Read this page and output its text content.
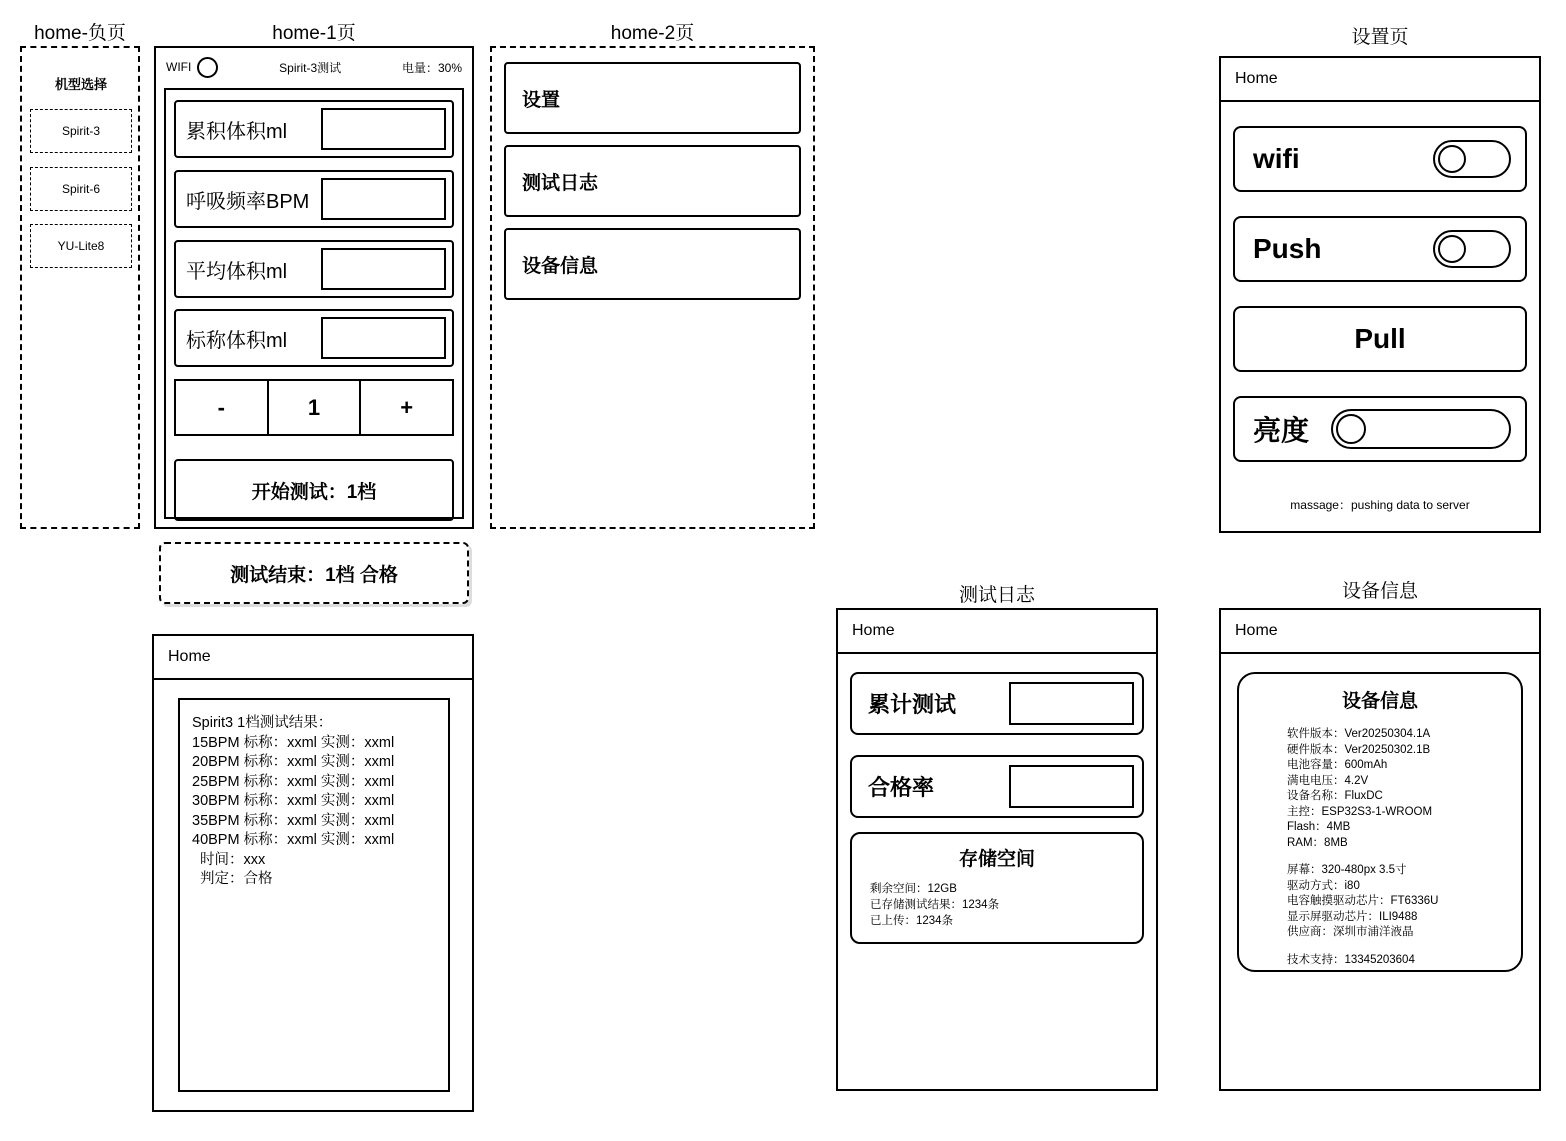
home-负页	home-1页	home-2页	设置页
测试日志	设备信息
机型选择
Spirit-3
Spirit-6
YU-Lite8
WIFI	Spirit-3测试	电量：30%
累积体积ml
呼吸频率BPM
平均体积ml
标称体积ml
-	1	+
开始测试：1档
测试结束：1档 合格
设置
测试日志
设备信息
Home
wifi
Push
Pull
亮度
massage：pushing data to server
Home
Spirit3 1档测试结果：
15BPM 标称：xxml 实测：xxml
20BPM 标称：xxml 实测：xxml
25BPM 标称：xxml 实测：xxml
30BPM 标称：xxml 实测：xxml
35BPM 标称：xxml 实测：xxml
40BPM 标称：xxml 实测：xxml
时间：xxx
判定：合格
Home
累计测试
合格率
存储空间
剩余空间：12GB
已存储测试结果：1234条
已上传：1234条
Home
设备信息
软件版本：Ver20250304.1A
硬件版本：Ver20250302.1B
电池容量：600mAh
满电电压：4.2V
设备名称：FluxDC
主控：ESP32S3-1-WROOM
Flash：4MB
RAM：8MB
屏幕：320-480px 3.5寸
驱动方式：i80
电容触摸驱动芯片：FT6336U
显示屏驱动芯片：ILI9488
供应商：深圳市浦洋液晶
技术支持：13345203604
